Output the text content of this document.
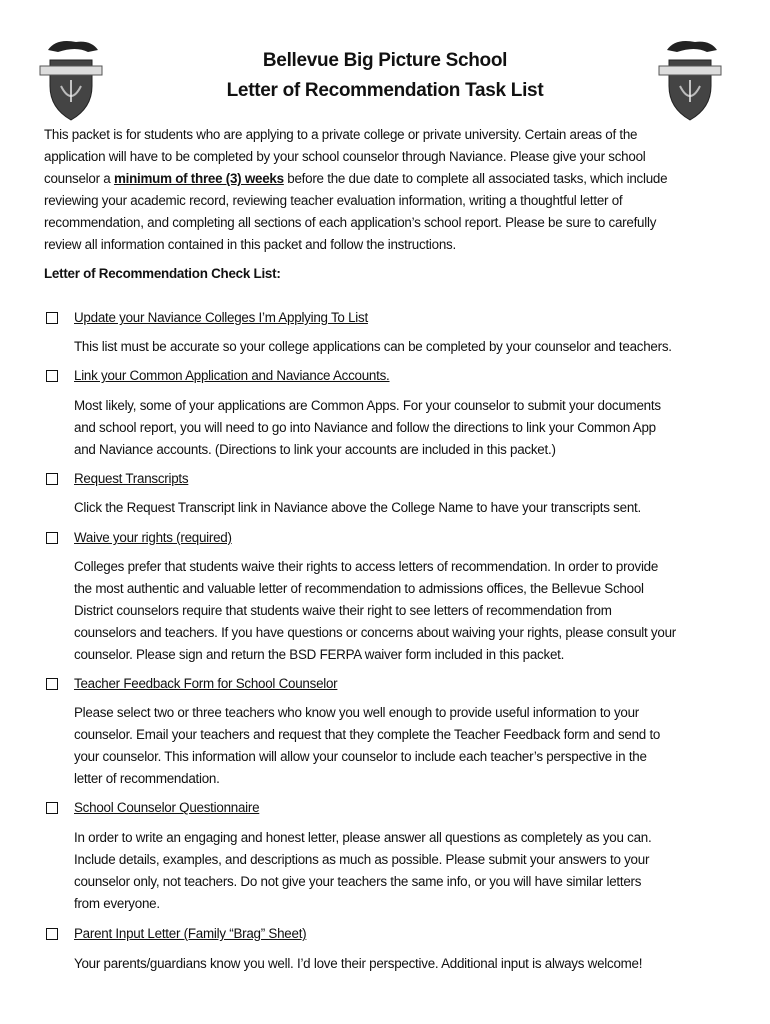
Bellevue Big Picture School
Letter of Recommendation Task List
This packet is for students who are applying to a private college or private university. Certain areas of the
application will have to be completed by your school counselor through Naviance. Please give your school
counselor a minimum of three (3) weeks before the due date to complete all associated tasks, which include
reviewing your academic record, reviewing teacher evaluation information, writing a thoughtful letter of
recommendation, and completing all sections of each application’s school report. Please be sure to carefully
review all information contained in this packet and follow the instructions.
Letter of Recommendation Check List:
Update your Naviance Colleges I’m Applying To List
This list must be accurate so your college applications can be completed by your counselor and teachers.
Link your Common Application and Naviance Accounts.
Most likely, some of your applications are Common Apps. For your counselor to submit your documents
and school report, you will need to go into Naviance and follow the directions to link your Common App
and Naviance accounts. (Directions to link your accounts are included in this packet.)
Request Transcripts
Click the Request Transcript link in Naviance above the College Name to have your transcripts sent.
Waive your rights (required)
Colleges prefer that students waive their rights to access letters of recommendation. In order to provide
the most authentic and valuable letter of recommendation to admissions offices, the Bellevue School
District counselors require that students waive their right to see letters of recommendation from
counselors and teachers. If you have questions or concerns about waiving your rights, please consult your
counselor. Please sign and return the BSD FERPA waiver form included in this packet.
Teacher Feedback Form for School Counselor
Please select two or three teachers who know you well enough to provide useful information to your
counselor. Email your teachers and request that they complete the Teacher Feedback form and send to
your counselor. This information will allow your counselor to include each teacher’s perspective in the
letter of recommendation.
School Counselor Questionnaire
In order to write an engaging and honest letter, please answer all questions as completely as you can.
Include details, examples, and descriptions as much as possible. Please submit your answers to your
counselor only, not teachers. Do not give your teachers the same info, or you will have similar letters
from everyone.
Parent Input Letter (Family “Brag” Sheet)
Your parents/guardians know you well. I’d love their perspective. Additional input is always welcome!
